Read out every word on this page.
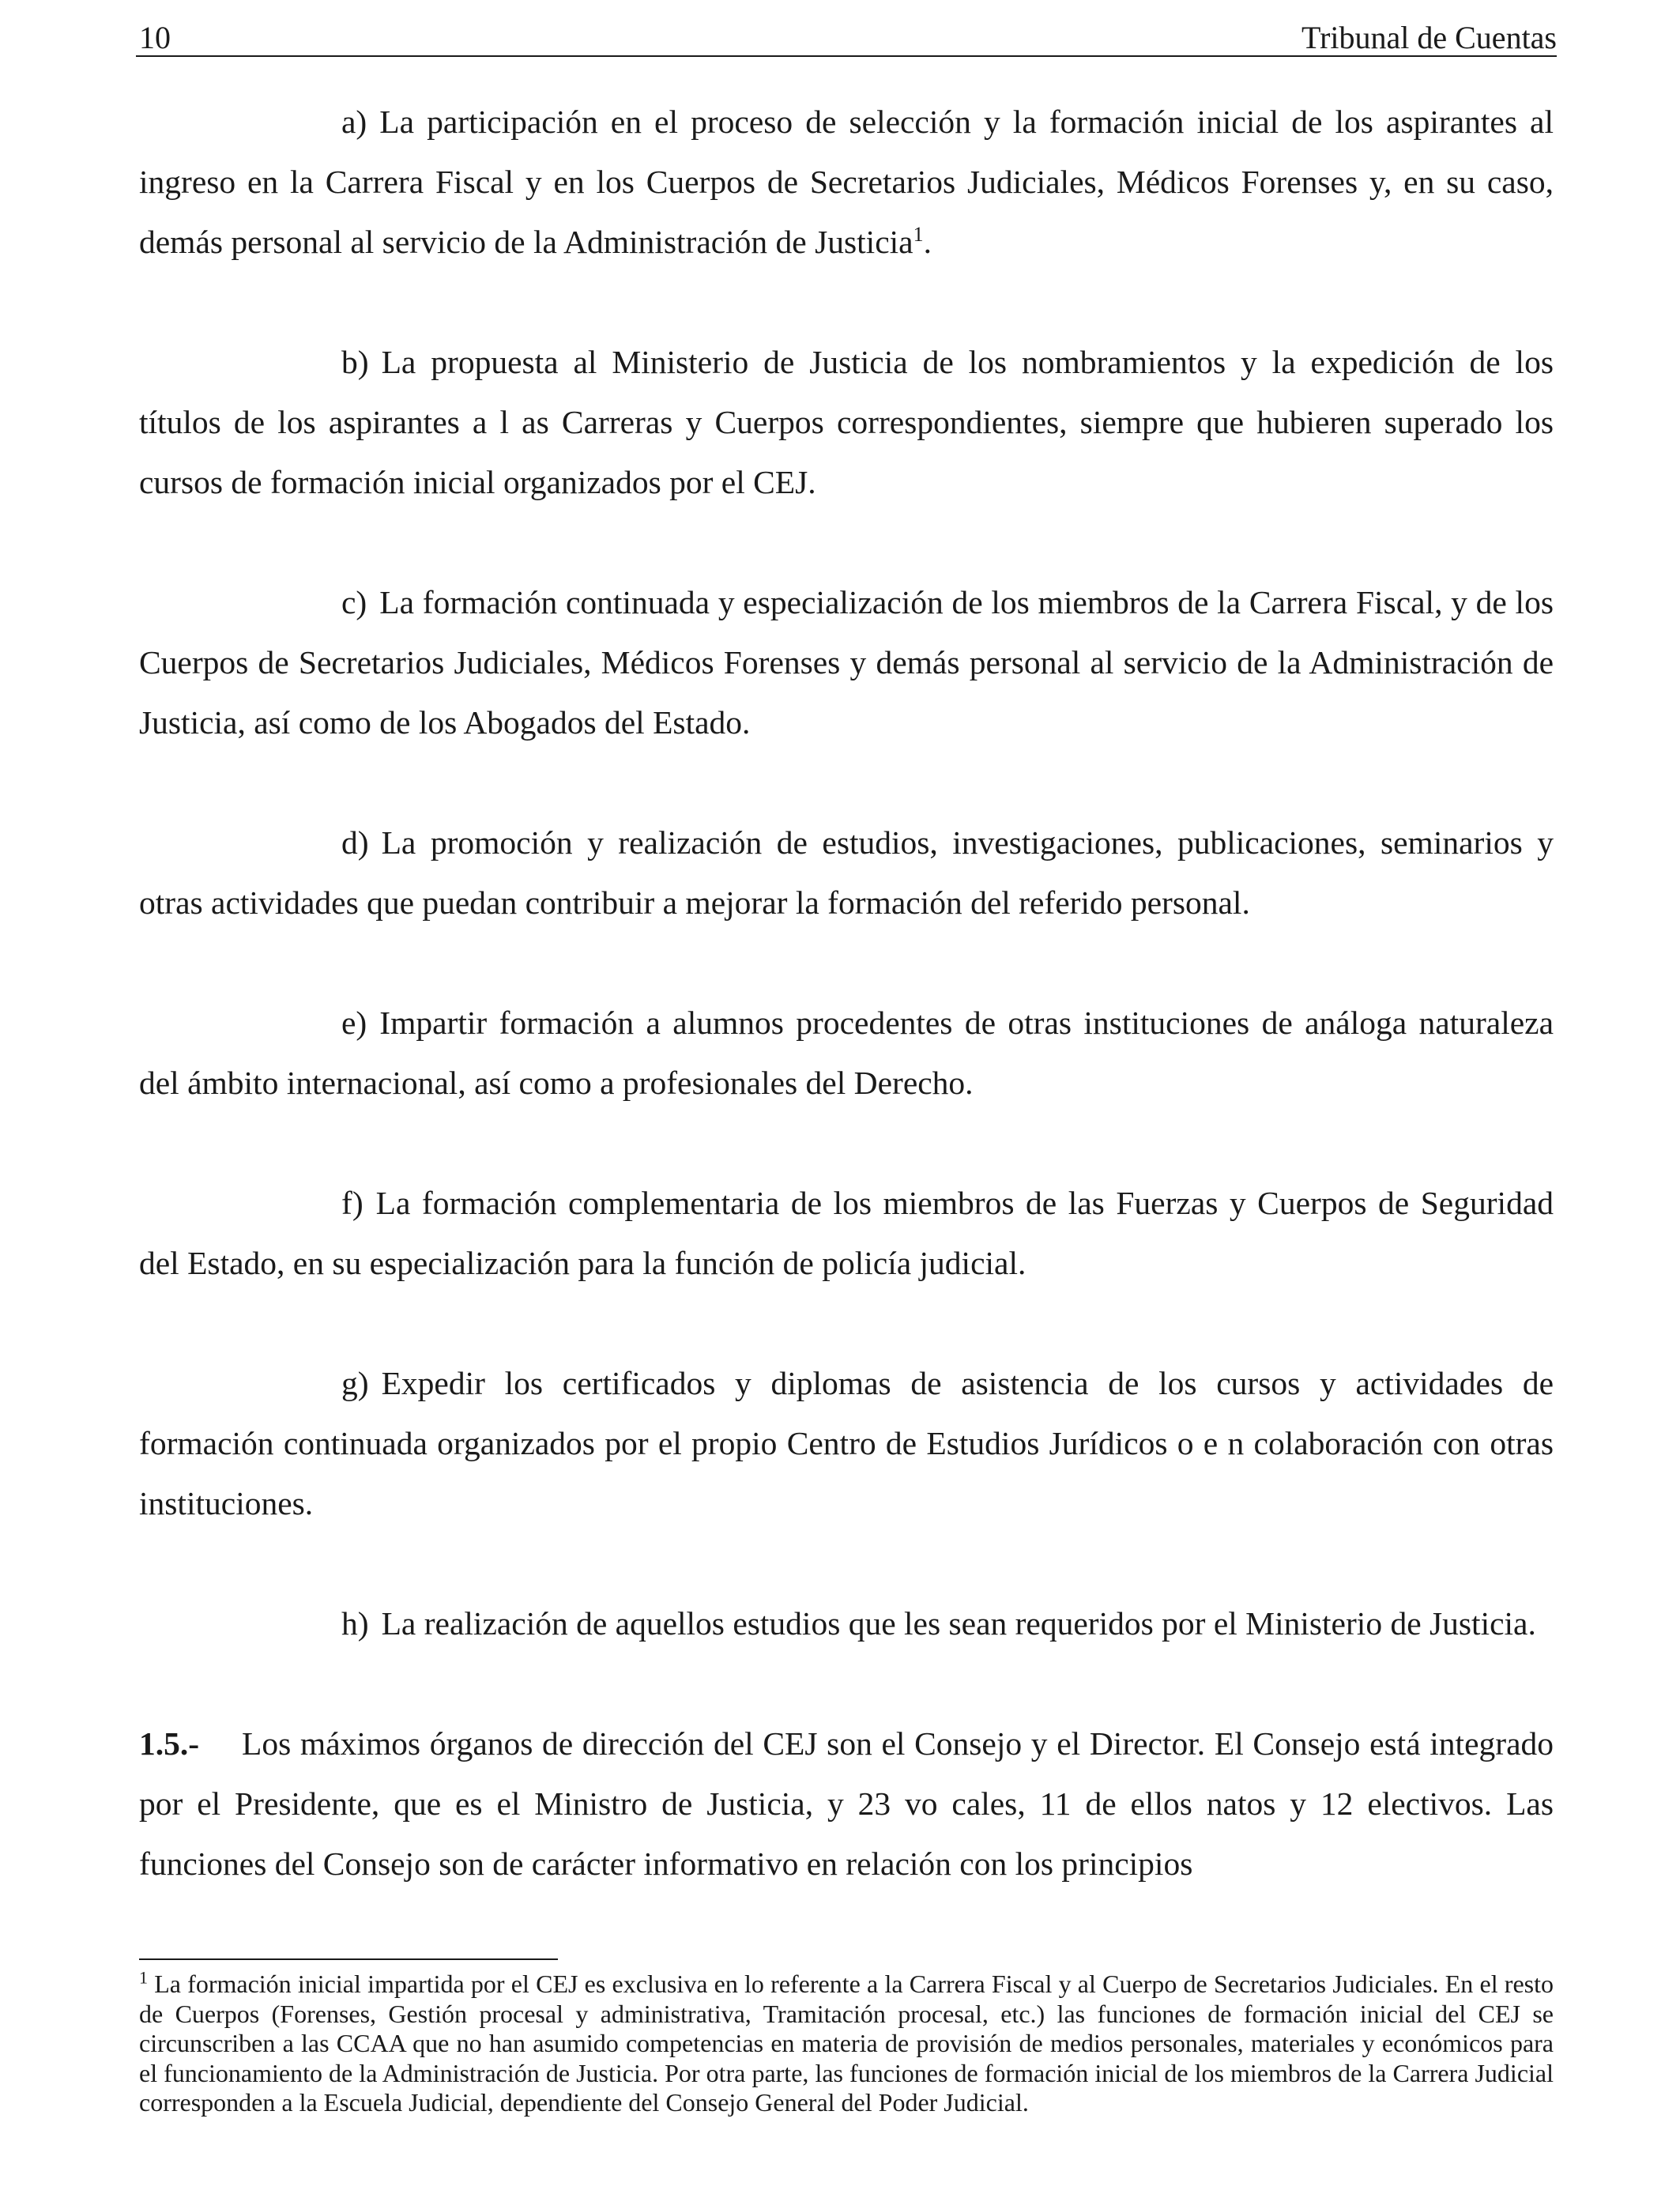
10	Tribunal de Cuentas

a) La participación en el proceso de selección y la formación inicial de los aspirantes al ingreso en la Carrera Fiscal y en los Cuerpos de Secretarios Judiciales, Médicos Forenses y, en su caso, demás personal al servicio de la Administración de Justicia$^1$.

b) La propuesta al Ministerio de Justicia de los nombramientos y la expedición de los títulos de los aspirantes a l as Carreras y Cuerpos correspondientes, siempre que hubieren superado los cursos de formación inicial organizados por el CEJ.

c) La formación continuada y especialización de los miembros de la Carrera Fiscal, y de los Cuerpos de Secretarios Judiciales, Médicos Forenses y demás personal al servicio de la Administración de Justicia, así como de los Abogados del Estado.

d) La promoción y realización de estudios, investigaciones, publicaciones, seminarios y otras actividades que puedan contribuir a mejorar la formación del referido personal.

e) Impartir formación a alumnos procedentes de otras instituciones de análoga naturaleza del ámbito internacional, así como a profesionales del Derecho.

f) La formación complementaria de los miembros de las Fuerzas y Cuerpos de Seguridad del Estado, en su especialización para la función de policía judicial.

g) Expedir los certificados y diplomas de asistencia de los cursos y actividades de formación continuada organizados por el propio Centro de Estudios Jurídicos o e n colaboración con otras instituciones.

h) La realización de aquellos estudios que les sean requeridos por el Ministerio de Justicia.

1.5.- Los máximos órganos de dirección del CEJ son el Consejo y el Director. El Consejo está integrado por el Presidente, que es el Ministro de Justicia, y 23 vo cales, 11 de ellos natos y 12 electivos. Las funciones del Consejo son de carácter informativo en relación con los principios

$^1$ La formación inicial impartida por el CEJ es exclusiva en lo referente a la Carrera Fiscal y al Cuerpo de Secretarios Judiciales. En el resto de Cuerpos (Forenses, Gestión procesal y administrativa, Tramitación procesal, etc.) las funciones de formación inicial del CEJ se circunscriben a las CCAA que no han asumido competencias en materia de provisión de medios personales, materiales y económicos para el funcionamiento de la Administración de Justicia. Por otra parte, las funciones de formación inicial de los miembros de la Carrera Judicial corresponden a la Escuela Judicial, dependiente del Consejo General del Poder Judicial.
